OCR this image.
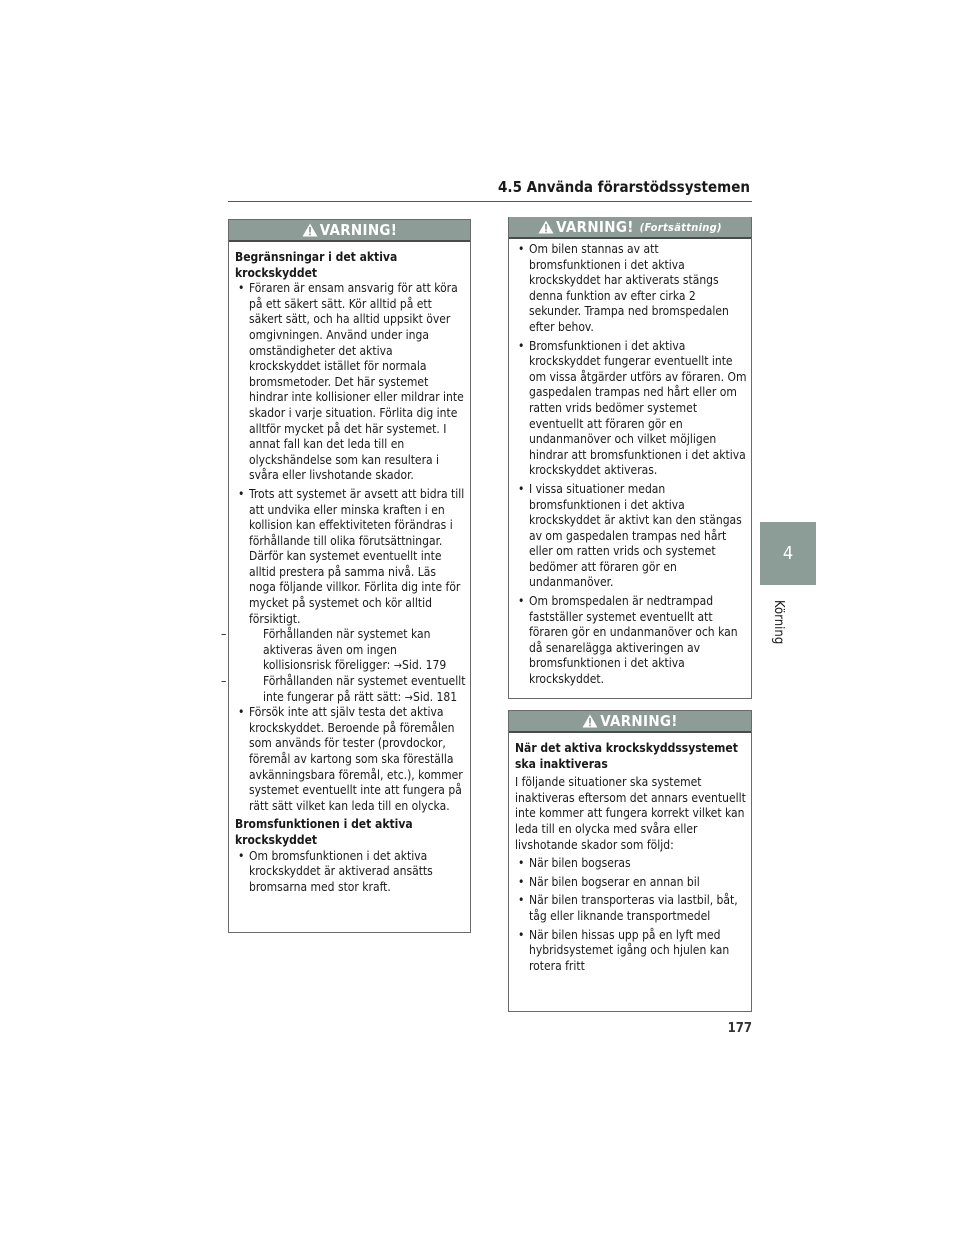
4.5 Använda förarstödssystemen
4
Körning
VARNING!

Begränsningar i det aktiva krockskyddet

• Föraren är ensam ansvarig för att köra på ett säkert sätt. Kör alltid på ett säkert sätt, och ha alltid uppsikt över omgivningen. Använd under inga omständigheter det aktiva krockskyddet istället för normala bromsmetoder. Det här systemet hindrar inte kollisioner eller mildrar inte skador i varje situation. Förlita dig inte alltför mycket på det här systemet. I annat fall kan det leda till en olyckshändelse som kan resultera i svåra eller livshotande skador.
• Trots att systemet är avsett att bidra till att undvika eller minska kraften i en kollision kan effektiviteten förändras i förhållande till olika förutsättningar. Därför kan systemet eventuellt inte alltid prestera på samma nivå. Läs noga följande villkor. Förlita dig inte för mycket på systemet och kör alltid försiktigt.
–	Förhållanden när systemet kan aktiveras även om ingen kollisionsrisk föreligger: →Sid. 179
–	Förhållanden när systemet eventuellt inte fungerar på rätt sätt: →Sid. 181
• Försök inte att själv testa det aktiva krockskyddet. Beroende på föremålen som används för tester (provdockor, föremål av kartong som ska föreställa avkänningsbara föremål, etc.), kommer systemet eventuellt inte att fungera på rätt sätt vilket kan leda till en olycka.

Bromsfunktionen i det aktiva krockskyddet

• Om bromsfunktionen i det aktiva krockskyddet är aktiverad ansätts bromsarna med stor kraft.
VARNING! (Fortsättning)
• Om bilen stannas av att bromsfunktionen i det aktiva krockskyddet har aktiverats stängs denna funktion av efter cirka 2 sekunder. Trampa ned bromspedalen efter behov.
• Bromsfunktionen i det aktiva krockskyddet fungerar eventuellt inte om vissa åtgärder utförs av föraren. Om gaspedalen trampas ned hårt eller om ratten vrids bedömer systemet eventuellt att föraren gör en undanmanöver och vilket möjligen hindrar att bromsfunktionen i det aktiva krockskyddet aktiveras.
• I vissa situationer medan bromsfunktionen i det aktiva krockskyddet är aktivt kan den stängas av om gaspedalen trampas ned hårt eller om ratten vrids och systemet bedömer att föraren gör en undanmanöver.
• Om bromspedalen är nedtrampad fastställer systemet eventuellt att föraren gör en undanmanöver och kan då senarelägga aktiveringen av bromsfunktionen i det aktiva krockskyddet.
VARNING!

När det aktiva krockskyddssystemet ska inaktiveras

I följande situationer ska systemet inaktiveras eftersom det annars eventuellt inte kommer att fungera korrekt vilket kan leda till en olycka med svåra eller livshotande skador som följd:

• När bilen bogseras
• När bilen bogserar en annan bil
• När bilen transporteras via lastbil, båt, tåg eller liknande transportmedel
• När bilen hissas upp på en lyft med hybridsystemet igång och hjulen kan rotera fritt
177
